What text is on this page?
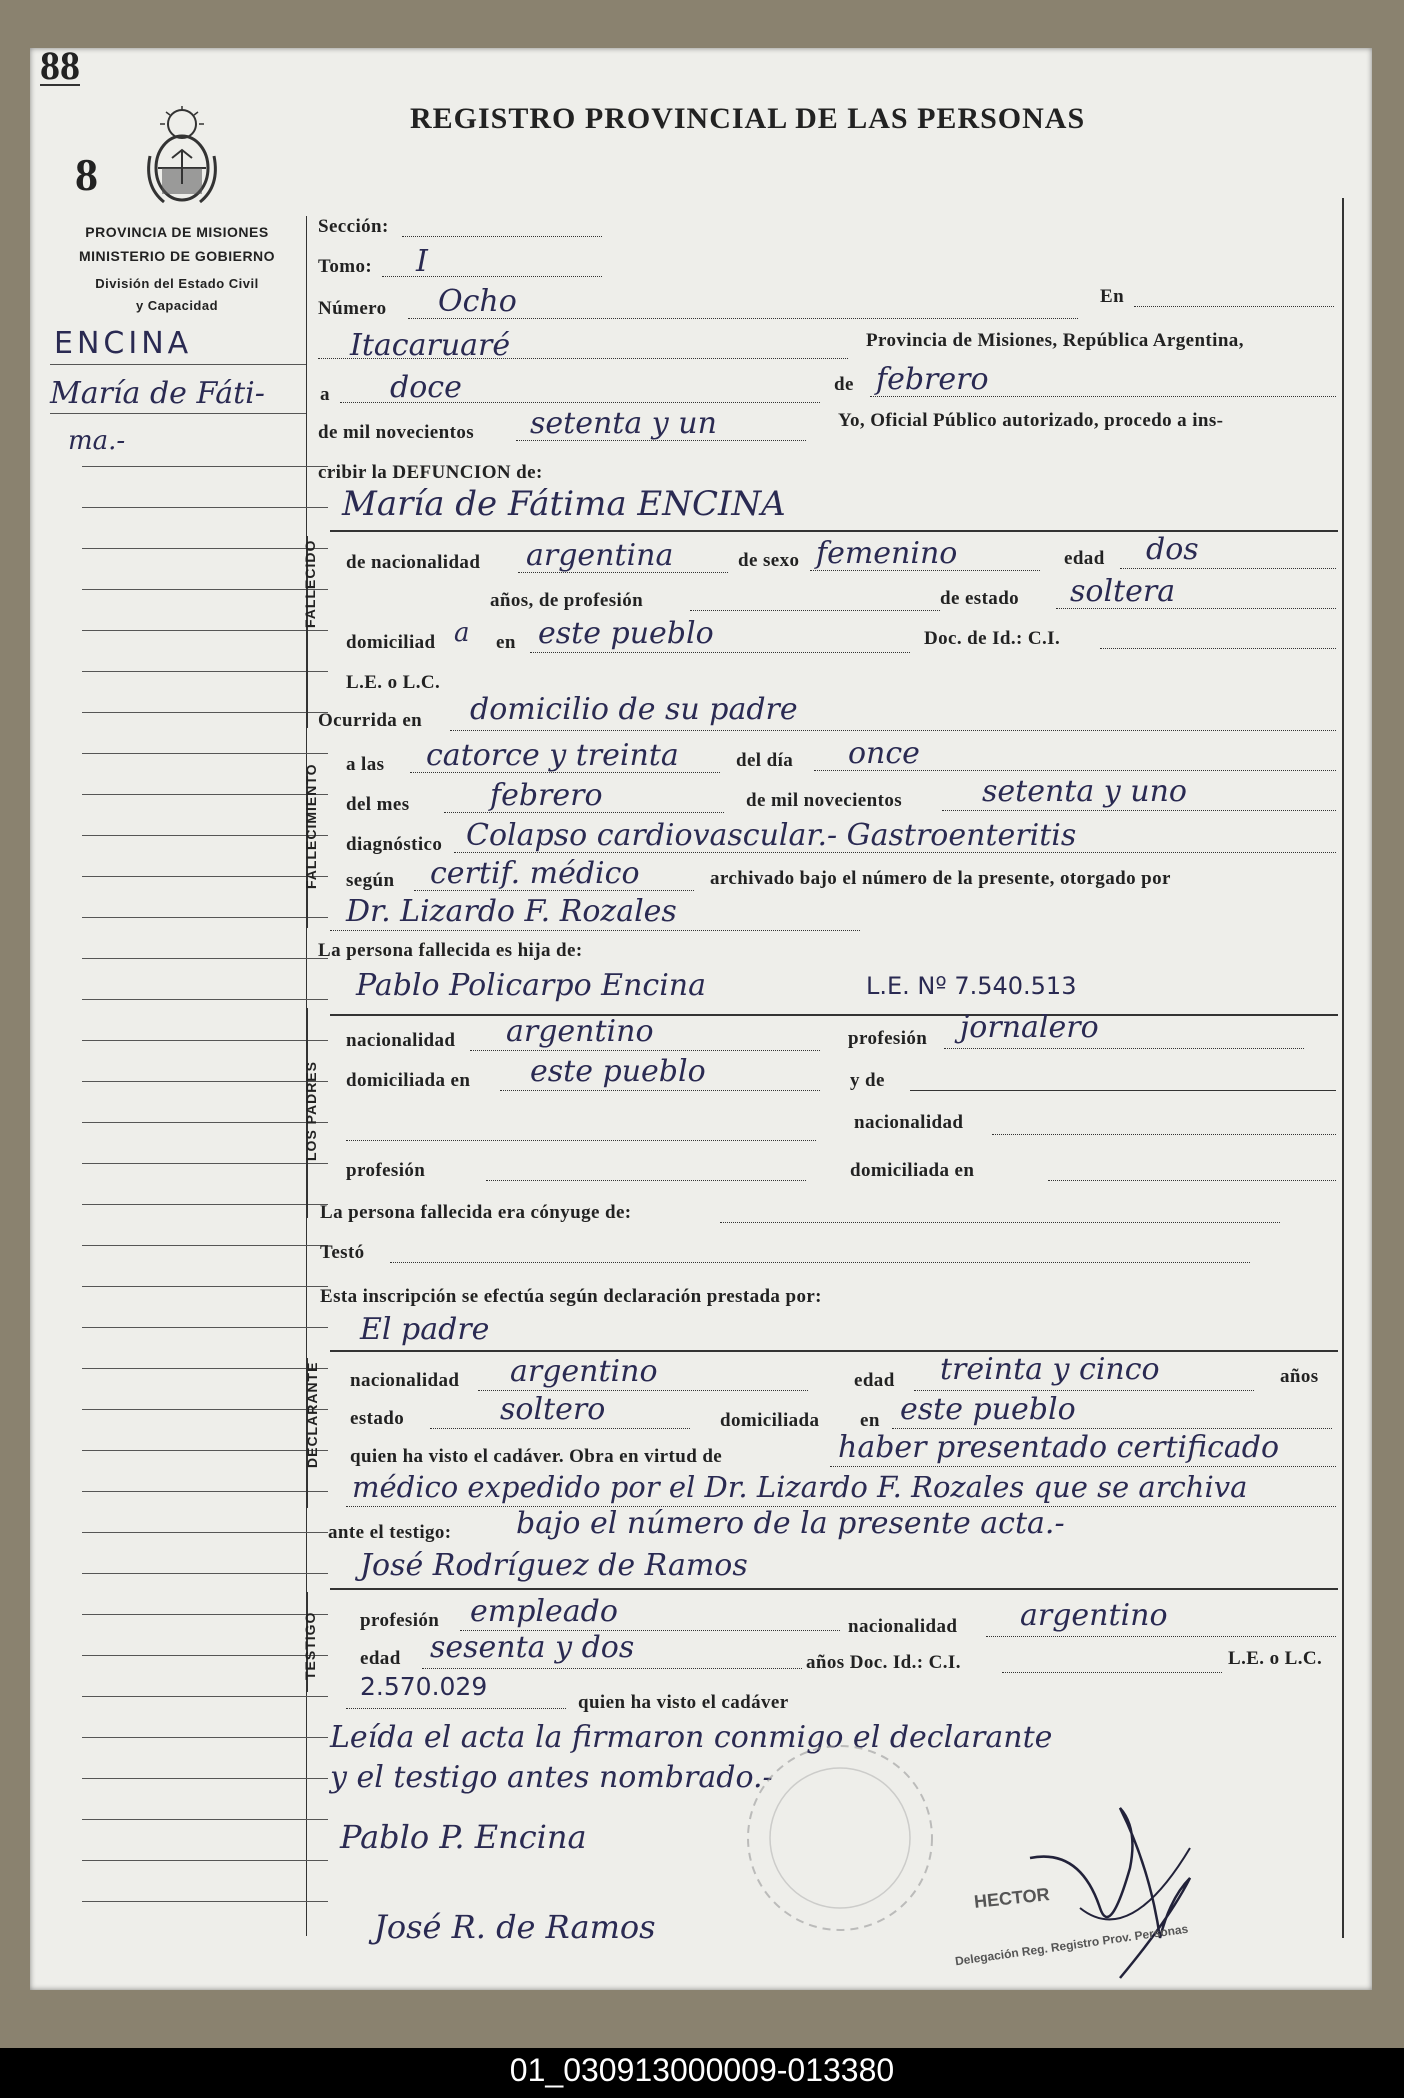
88
8
PROVINCIA DE MISIONES
MINISTERIO DE GOBIERNO
División del Estado Civil
y Capacidad
REGISTRO PROVINCIAL DE LAS PERSONAS
ENCINA
María de Fáti-
ma.-
Sección:
Tomo: I
Número Ocho	En
Itacaruaré	Provincia de Misiones, República Argentina,
a doce	de febrero
de mil novecientos setenta y un	Yo, Oficial Público autorizado, procedo a ins-
cribir la DEFUNCION de:
FALLECIDO
María de Fátima ENCINA
de nacionalidad argentina	de sexo femenino	edad dos
años, de profesión	de estado soltera
domiciliad a en este pueblo	Doc. de Id.: C.I.
L.E. o L.C.
Ocurrida en domicilio de su padre
FALLECIMIENTO a las catorce y treinta	del día once
del mes	febrero	de mil novecientos	setenta y uno
diagnóstico Colapso cardiovascular.- Gastroenteritis
según certif. médico	archivado bajo el número de la presente, otorgado por
Dr. Lizardo F. Rozales
La persona fallecida es hija de:
LOS PADRES
Pablo Policarpo Encina	L.E. Nº 7.540.513
nacionalidad argentino	profesión jornalero
domiciliada en este pueblo	y de
nacionalidad
profesión	domiciliada en
La persona fallecida era cónyuge de:
Testó
Esta inscripción se efectúa según declaración prestada por:
DECLARANTE
El padre
nacionalidad argentino	edad treinta y cinco	años
estado	soltero	domiciliada en este pueblo
quien ha visto el cadáver. Obra en virtud de	haber presentado certificado
médico expedido por el Dr. Lizardo F. Rozales que se archiva
ante el testigo: bajo el número de la presente acta.-
TESTIGO
José Rodríguez de Ramos
profesión empleado	nacionalidad argentino
edad sesenta y dos	años Doc. Id.: C.I.	L.E. o L.C.
2.570.029
quien ha visto el cadáver
Leída el acta la firmaron conmigo el declarante
y el testigo antes nombrado.-
Pablo P. Encina
José R. de Ramos
HECTOR
Delegación Reg. Registro Prov. Personas
01_030913000009-013380
